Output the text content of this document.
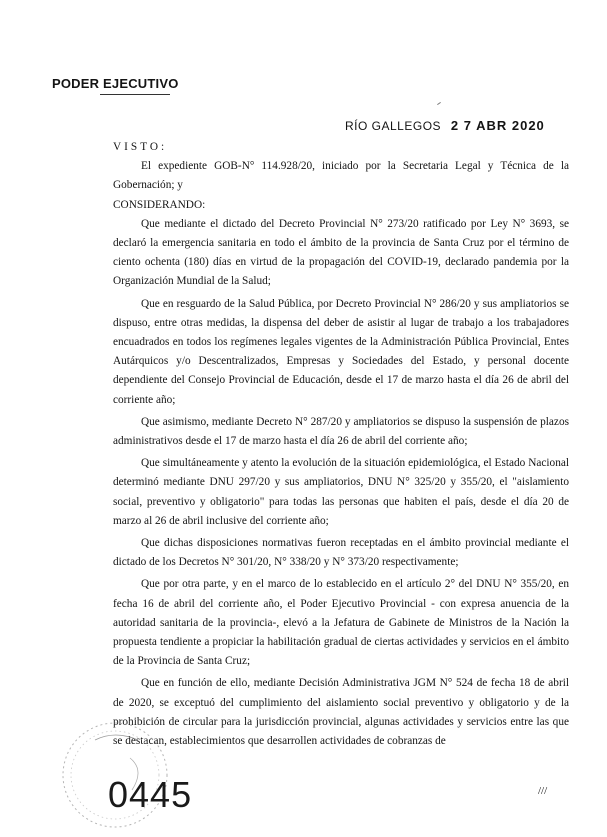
PODER EJECUTIVO
RÍO GALLEGOS 2 7 ABR 2020

VISTO:

El expediente GOB-N° 114.928/20, iniciado por la Secretaria Legal y Técnica de la Gobernación; y

CONSIDERANDO:

Que mediante el dictado del Decreto Provincial N° 273/20 ratificado por Ley N° 3693, se declaró la emergencia sanitaria en todo el ámbito de la provincia de Santa Cruz por el término de ciento ochenta (180) días en virtud de la propagación del COVID-19, declarado pandemia por la Organización Mundial de la Salud;

Que en resguardo de la Salud Pública, por Decreto Provincial N° 286/20 y sus ampliatorios se dispuso, entre otras medidas, la dispensa del deber de asistir al lugar de trabajo a los trabajadores encuadrados en todos los regímenes legales vigentes de la Administración Pública Provincial, Entes Autárquicos y/o Descentralizados, Empresas y Sociedades del Estado, y personal docente dependiente del Consejo Provincial de Educación, desde el 17 de marzo hasta el día 26 de abril del corriente año;

Que asimismo, mediante Decreto N° 287/20 y ampliatorios se dispuso la suspensión de plazos administrativos desde el 17 de marzo hasta el día 26 de abril del corriente año;

Que simultáneamente y atento la evolución de la situación epidemiológica, el Estado Nacional determinó mediante DNU 297/20 y sus ampliatorios, DNU N° 325/20 y 355/20, el "aislamiento social, preventivo y obligatorio" para todas las personas que habiten el país, desde el día 20 de marzo al 26 de abril inclusive del corriente año;

Que dichas disposiciones normativas fueron receptadas en el ámbito provincial mediante el dictado de los Decretos N° 301/20, N° 338/20 y N° 373/20 respectivamente;

Que por otra parte, y en el marco de lo establecido en el artículo 2° del DNU N° 355/20, en fecha 16 de abril del corriente año, el Poder Ejecutivo Provincial - con expresa anuencia de la autoridad sanitaria de la provincia-, elevó a la Jefatura de Gabinete de Ministros de la Nación la propuesta tendiente a propiciar la habilitación gradual de ciertas actividades y servicios en el ámbito de la Provincia de Santa Cruz;

Que en función de ello, mediante Decisión Administrativa JGM N° 524 de fecha 18 de abril de 2020, se exceptuó del cumplimiento del aislamiento social preventivo y obligatorio y de la prohibición de circular para la jurisdicción provincial, algunas actividades y servicios entre las que se destacan, establecimientos que desarrollen actividades de cobranzas de

///
0445
